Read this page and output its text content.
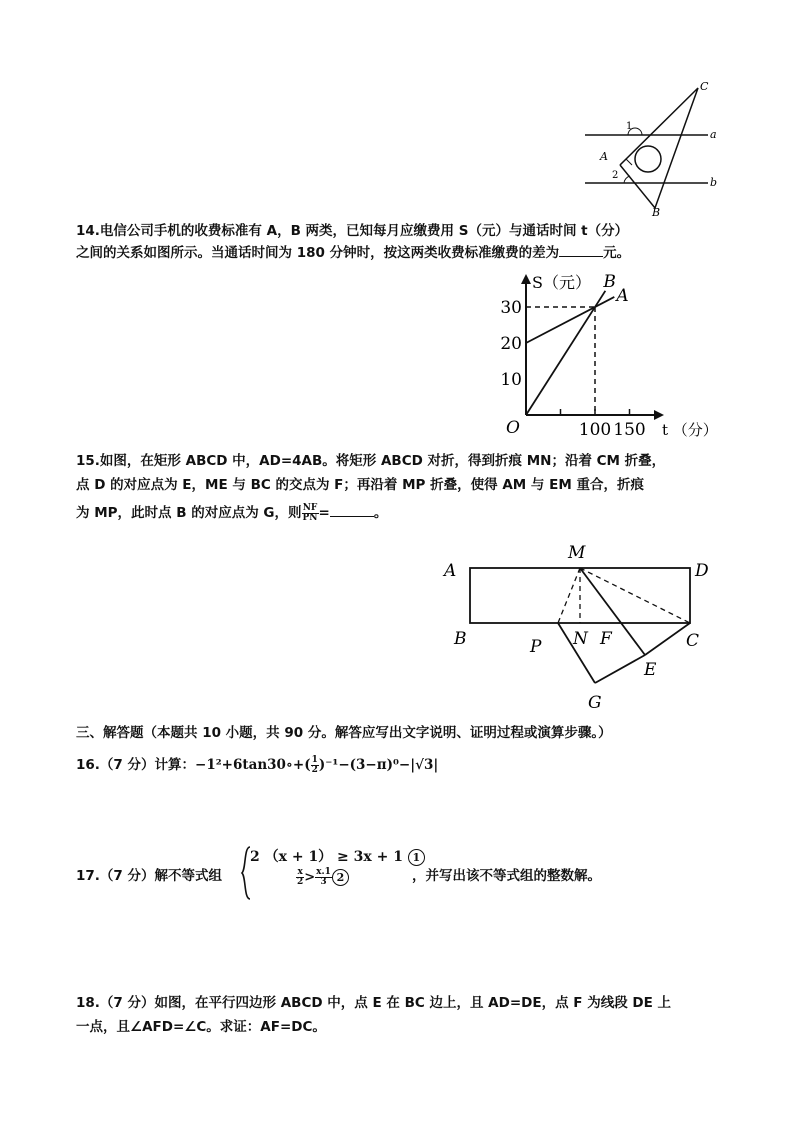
C
a
b
A
B
1
2
14.电信公司手机的收费标准有 A，B 两类，已知每月应缴费用 S（元）与通话时间 t（分）
之间的关系如图所示。当通话时间为 180 分钟时，按这两类收费标准缴费的差为	元。
S（元）
t （分）
O
10
20
30
100 150
A
B
15.如图，在矩形 ABCD 中，AD=4AB。将矩形 ABCD 对折，得到折痕 MN；沿着 CM 折叠，
点 D 的对应点为 E，ME 与 BC 的交点为 F；再沿着 MP 折叠，使得 AM 与 EM 重合，折痕
为 MP，此时点 B 的对应点为 G，则 $\frac{NF}{PN}$ =	。
A
M
D
B	P N F	C
E
G
三、解答题（本题共 10 小题，共 90 分。解答应写出文字说明、证明过程或演算步骤。）
16.（7 分）计算：−1²+6tan30∘+( $\frac{1}{2} )^{-1}-(3-\pi)^0-|√3|$
17.（7 分）解不等式组
2 （x + 1） ≥ 3x + 1 1
$\frac{x}{2} > \frac{x.1}{3} 2$	，并写出该不等式组的整数解。
18.（7 分）如图，在平行四边形 ABCD 中，点 E 在 BC 边上，且 AD=DE，点 F 为线段 DE 上
一点，且∠AFD=∠C。求证：AF=DC。
